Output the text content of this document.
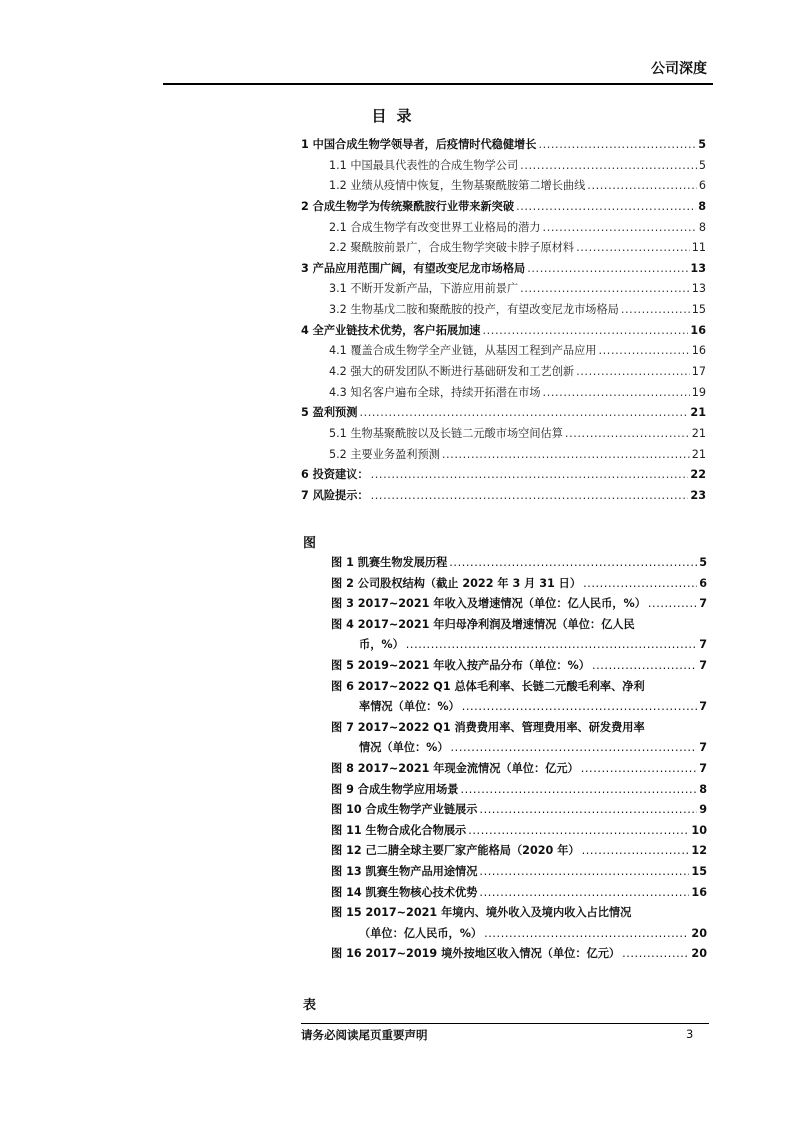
公司深度
目录
1 中国合成生物学领导者，后疫情时代稳健增长 .....	5
1.1 中国最具代表性的合成生物学公司 .....	5
1.2 业绩从疫情中恢复，生物基聚酰胺第二增长曲线 .....	6
2 合成生物学为传统聚酰胺行业带来新突破 .....	8
2.1 合成生物学有改变世界工业格局的潜力 .....	8
2.2 聚酰胺前景广，合成生物学突破卡脖子原材料 .....	11
3 产品应用范围广阔，有望改变尼龙市场格局 .....	13
3.1 不断开发新产品，下游应用前景广 .....	13
3.2 生物基戊二胺和聚酰胺的投产，有望改变尼龙市场格局 .....	15
4 全产业链技术优势，客户拓展加速 .....	16
4.1 覆盖合成生物学全产业链，从基因工程到产品应用 .....	16
4.2 强大的研发团队不断进行基础研发和工艺创新 .....	17
4.3 知名客户遍布全球，持续开拓潜在市场 .....	19
5 盈利预测 .....	21
5.1 生物基聚酰胺以及长链二元酸市场空间估算 .....	21
5.2 主要业务盈利预测 .....	21
6 投资建议： .....	22
7 风险提示： .....	23
图
图 1 凯赛生物发展历程 .....	5
图 2 公司股权结构（截止 2022 年 3 月 31 日） .....	6
图 3 2017~2021 年收入及增速情况（单位：亿人民币，%） .....	7
图 4 2017~2021 年归母净利润及增速情况（单位：亿人民
币，%） .....	7
图 5 2019~2021 年收入按产品分布（单位：%） .....	7
图 6 2017~2022 Q1 总体毛利率、长链二元酸毛利率、净利
率情况（单位：%） .....	7
图 7 2017~2022 Q1 消费费用率、管理费用率、研发费用率
情况（单位：%） .....	7
图 8 2017~2021 年现金流情况（单位：亿元） .....	7
图 9 合成生物学应用场景 .....	8
图 10 合成生物学产业链展示 .....	9
图 11 生物合成化合物展示 .....	10
图 12 己二腈全球主要厂家产能格局（2020 年） .....	12
图 13 凯赛生物产品用途情况 .....	15
图 14 凯赛生物核心技术优势 .....	16
图 15 2017~2021 年境内、境外收入及境内收入占比情况
（单位：亿人民币，%） .....	20
图 16 2017~2019 境外按地区收入情况（单位：亿元） .....	20
表
请务必阅读尾页重要声明	3
